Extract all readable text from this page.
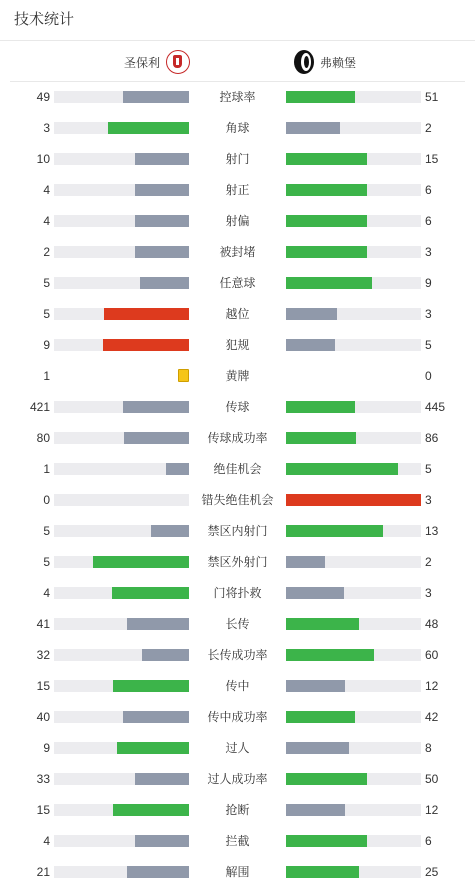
技术统计
圣保利	弗赖堡
49	控球率	51
3	角球	2
10	射门	15
4	射正	6
4	射偏	6
2	被封堵	3
5	任意球	9
5	越位	3
9	犯规	5
1	黄牌	0
421	传球	445
80	传球成功率	86
1	绝佳机会	5
0	错失绝佳机会	3
5	禁区内射门	13
5	禁区外射门	2
4	门将扑救	3
41	长传	48
32	长传成功率	60
15	传中	12
40	传中成功率	42
9	过人	8
33	过人成功率	50
15	抢断	12
4	拦截	6
21	解围	25
